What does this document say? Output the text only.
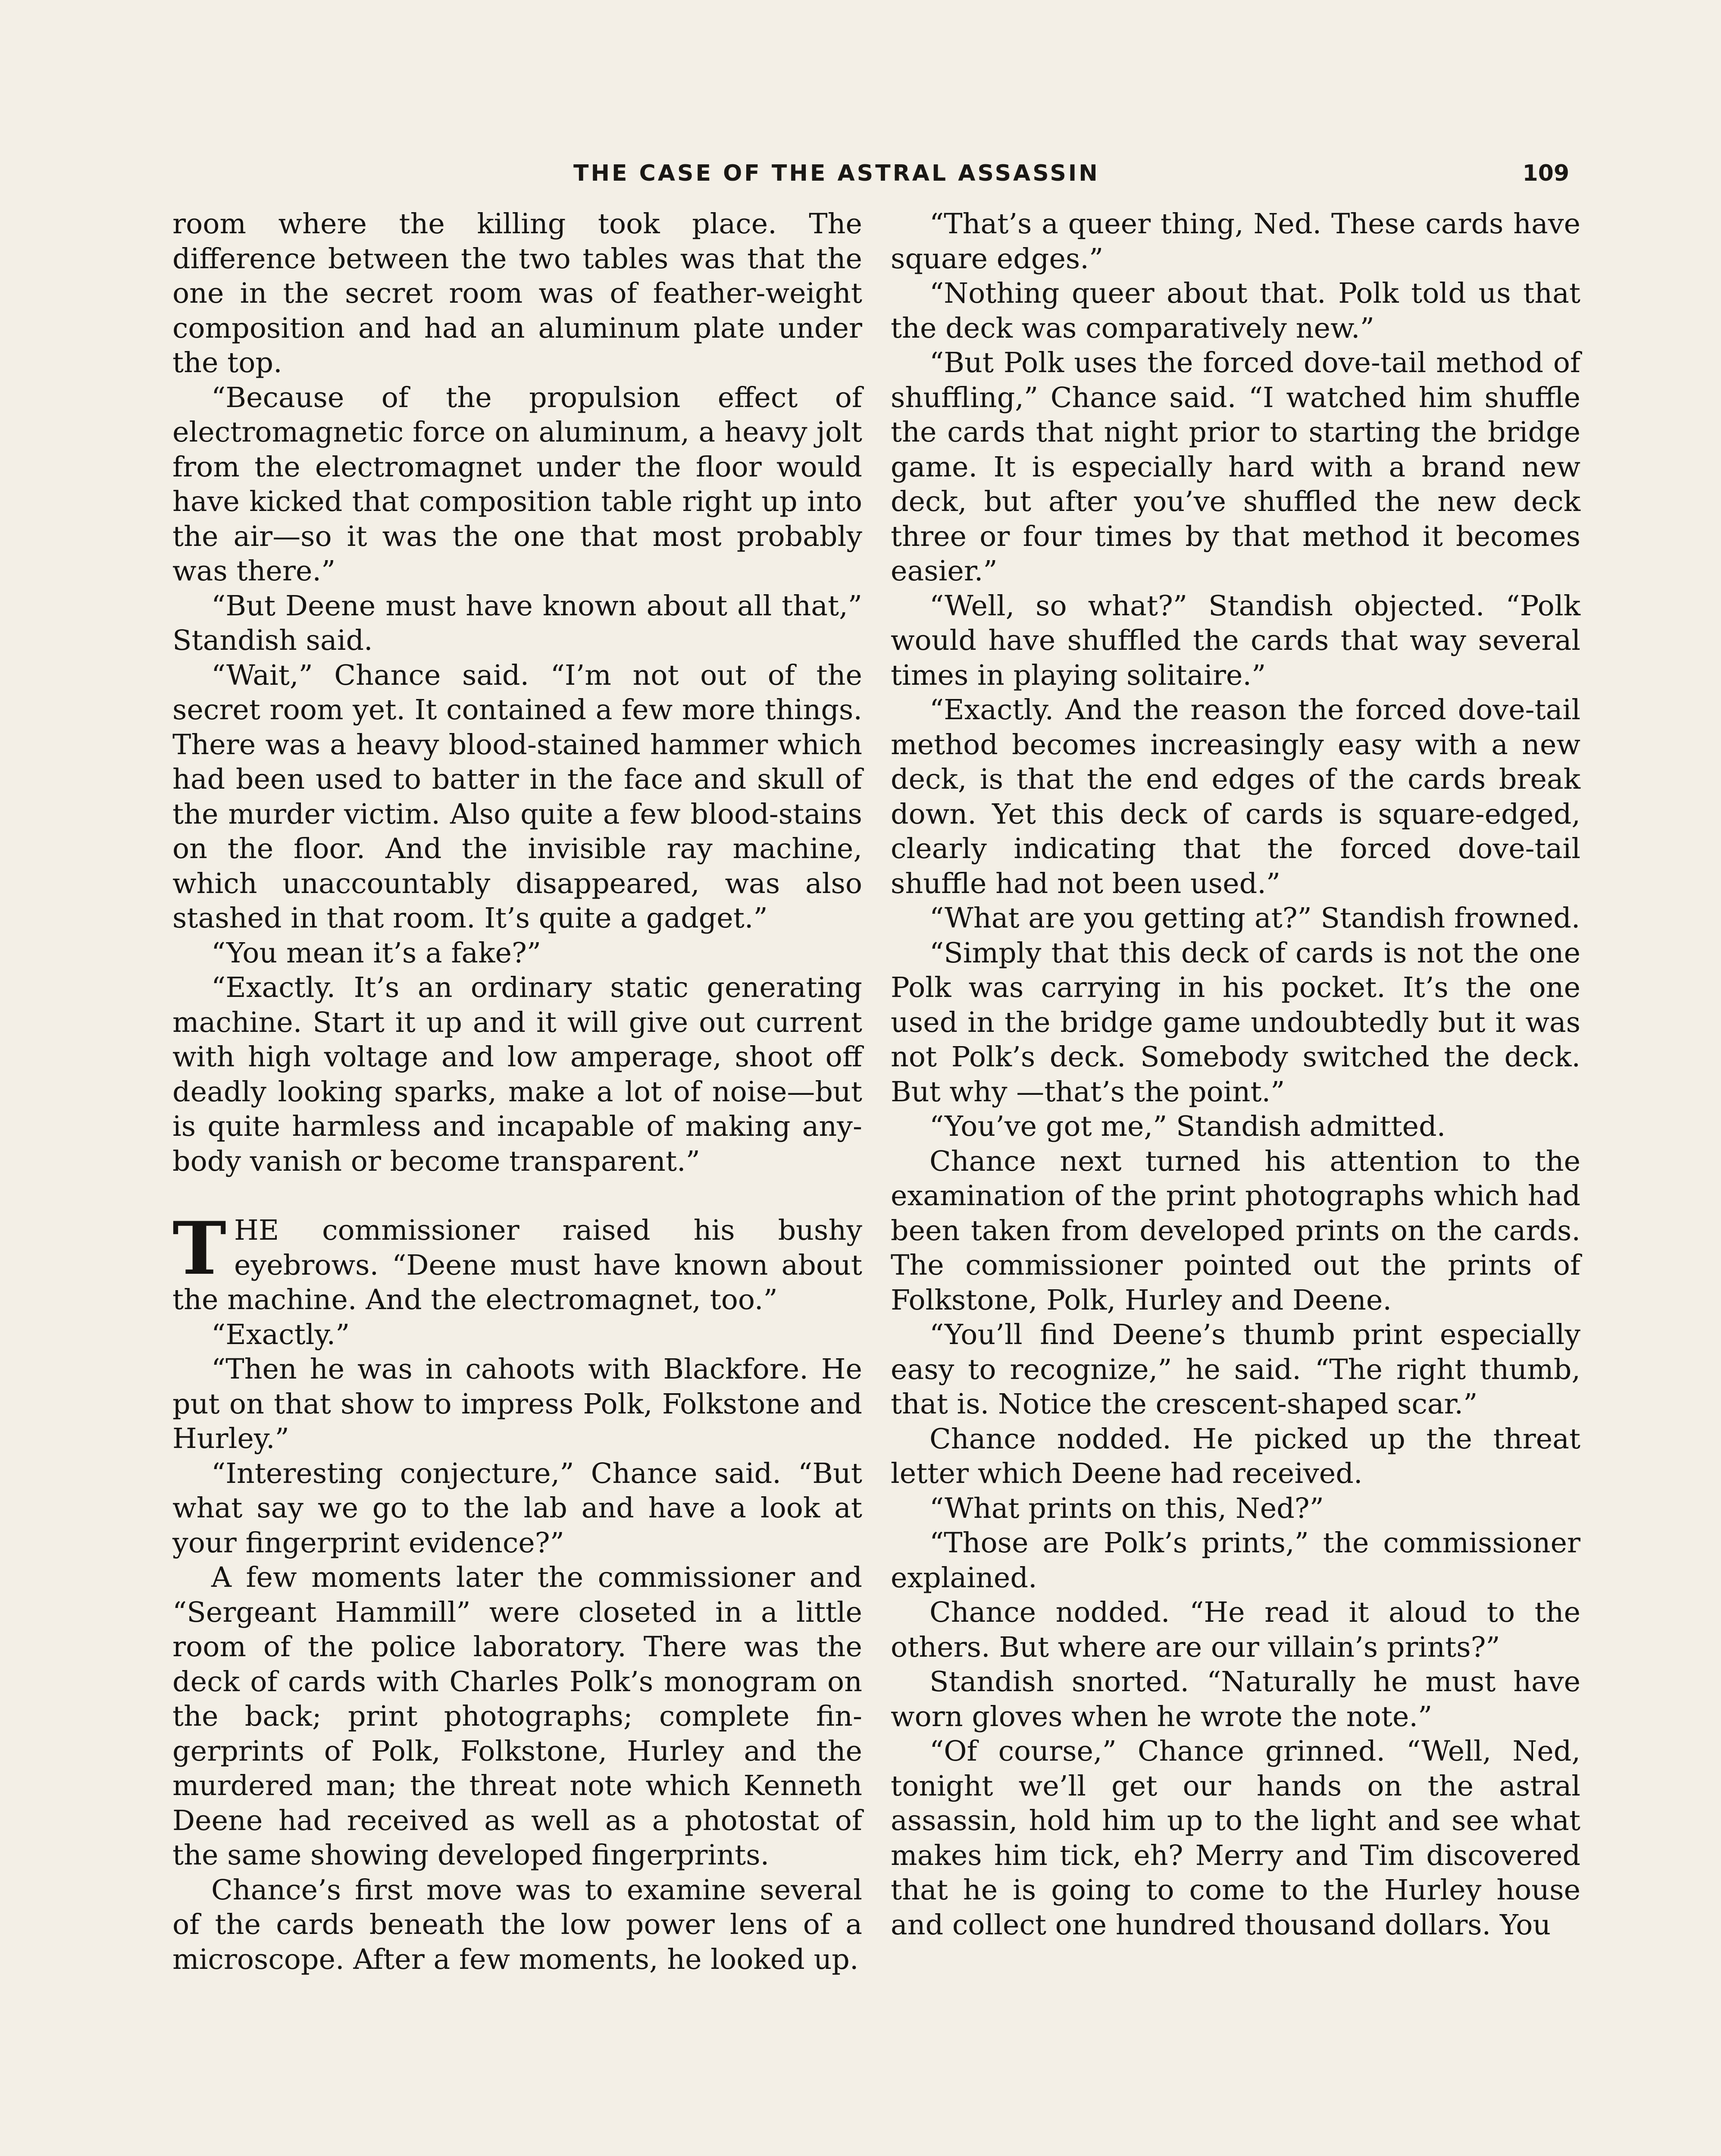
THE CASE OF THE ASTRAL ASSASSIN	109

room where the killing took place. The difference between the two tables was that the one in the secret room was of feather-weight composition and had an aluminum plate under the top.

“Because of the propulsion effect of electromagnetic force on aluminum, a heavy jolt from the electromagnet under the floor would have kicked that composition table right up into the air—so it was the one that most probably was there.”

“But Deene must have known about all that,” Standish said.

“Wait,” Chance said. “I’m not out of the secret room yet. It contained a few more things. There was a heavy blood-stained hammer which had been used to batter in the face and skull of the murder victim. Also quite a few blood-stains on the floor. And the invisible ray machine, which unaccountably disappeared, was also stashed in that room. It’s quite a gadget.”

“You mean it’s a fake?”

“Exactly. It’s an ordinary static generating machine. Start it up and it will give out current with high voltage and low amperage, shoot off deadly looking sparks, make a lot of noise—but is quite harmless and incapable of making anybody vanish or become transparent.”

THE commissioner raised his bushy eyebrows. “Deene must have known about the machine. And the electromagnet, too.”

“Exactly.”

“Then he was in cahoots with Blackfore. He put on that show to impress Polk, Folkstone and Hurley.”

“Interesting conjecture,” Chance said. “But what say we go to the lab and have a look at your fingerprint evidence?”

A few moments later the commissioner and “Sergeant Hammill” were closeted in a little room of the police laboratory. There was the deck of cards with Charles Polk’s monogram on the back; print photographs; complete fingerprints of Polk, Folkstone, Hurley and the murdered man; the threat note which Kenneth Deene had received as well as a photostat of the same showing developed fingerprints.

Chance’s first move was to examine several of the cards beneath the low power lens of a microscope. After a few moments, he looked up.

“That’s a queer thing, Ned. These cards have square edges.”

“Nothing queer about that. Polk told us that the deck was comparatively new.”

“But Polk uses the forced dove-tail method of shuffling,” Chance said. “I watched him shuffle the cards that night prior to starting the bridge game. It is especially hard with a brand new deck, but after you’ve shuffled the new deck three or four times by that method it becomes easier.”

“Well, so what?” Standish objected. “Polk would have shuffled the cards that way several times in playing solitaire.”

“Exactly. And the reason the forced dove-tail method becomes increasingly easy with a new deck, is that the end edges of the cards break down. Yet this deck of cards is square-edged, clearly indicating that the forced dove-tail shuffle had not been used.”

“What are you getting at?” Standish frowned.

“Simply that this deck of cards is not the one Polk was carrying in his pocket. It’s the one used in the bridge game undoubtedly but it was not Polk’s deck. Somebody switched the deck. But why —that’s the point.”

“You’ve got me,” Standish admitted.

Chance next turned his attention to the examination of the print photographs which had been taken from developed prints on the cards. The commissioner pointed out the prints of Folkstone, Polk, Hurley and Deene.

“You’ll find Deene’s thumb print especially easy to recognize,” he said. “The right thumb, that is. Notice the crescent-shaped scar.”

Chance nodded. He picked up the threat letter which Deene had received.

“What prints on this, Ned?”

“Those are Polk’s prints,” the commissioner explained.

Chance nodded. “He read it aloud to the others. But where are our villain’s prints?”

Standish snorted. “Naturally he must have worn gloves when he wrote the note.”

“Of course,” Chance grinned. “Well, Ned, tonight we’ll get our hands on the astral assassin, hold him up to the light and see what makes him tick, eh? Merry and Tim discovered that he is going to come to the Hurley house and collect one hundred thousand dollars. You
